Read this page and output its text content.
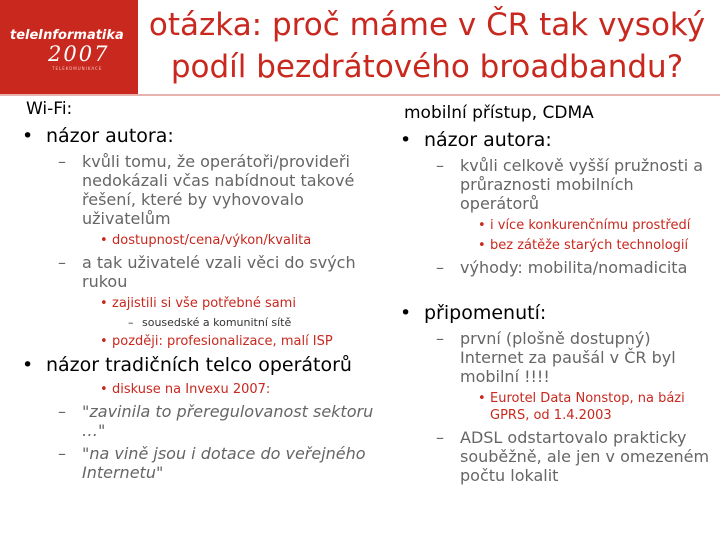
teleInformatika
2007
TELEKOMUNIKACE
otázka: proč máme v ČR tak vysoký
podíl bezdrátového broadbandu?
Wi-Fi:
• názor autora:
– kvůli tomu, že operátoři/provideři nedokázali včas nabídnout takové řešení, které by vyhovovalo uživatelům
• dostupnost/cena/výkon/kvalita
– a tak uživatelé vzali věci do svých rukou
• zajistili si vše potřebné sami
– sousedské a komunitní sítě
• později: profesionalizace, malí ISP
• názor tradičních telco operátorů
• diskuse na Invexu 2007:
– "zavinila to přeregulovanost sektoru …"
– "na vině jsou i dotace do veřejného Internetu"
mobilní přístup, CDMA
• názor autora:
– kvůli celkově vyšší pružnosti a průraznosti mobilních operátorů
• i více konkurenčnímu prostředí
• bez zátěže starých technologií
– výhody: mobilita/nomadicita
• připomenutí:
– první (plošně dostupný) Internet za paušál v ČR byl mobilní !!!!
• Eurotel Data Nonstop, na bázi GPRS, od 1.4.2003
– ADSL odstartovalo prakticky souběžně, ale jen v omezeném počtu lokalit
